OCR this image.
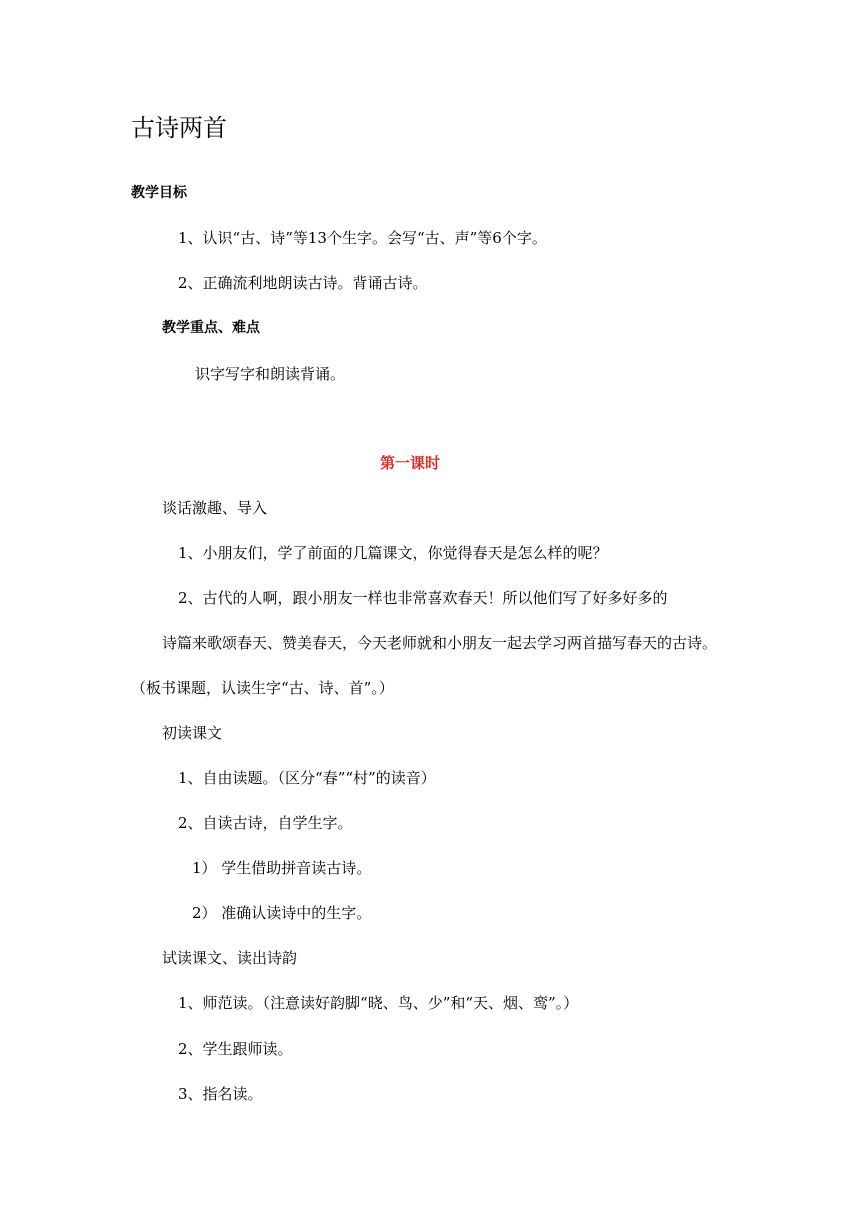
古诗两首
教学目标
1、认识“古、诗”等13个生字。会写“古、声”等6个字。
2、正确流利地朗读古诗。背诵古诗。
教学重点、难点
识字写字和朗读背诵。
第一课时
谈话激趣、导入
1、小朋友们，学了前面的几篇课文，你觉得春天是怎么样的呢？
2、古代的人啊，跟小朋友一样也非常喜欢春天！所以他们写了好多好多的
诗篇来歌颂春天、赞美春天，今天老师就和小朋友一起去学习两首描写春天的古诗。
（板书课题，认读生字“古、诗、首”。）
初读课文
1、自由读题。（区分“春”“村”的读音）
2、自读古诗，自学生字。
1） 学生借助拼音读古诗。
2） 准确认读诗中的生字。
试读课文、读出诗韵
1、师范读。（注意读好韵脚“晓、鸟、少”和“天、烟、鸾”。）
2、学生跟师读。
3、指名读。
